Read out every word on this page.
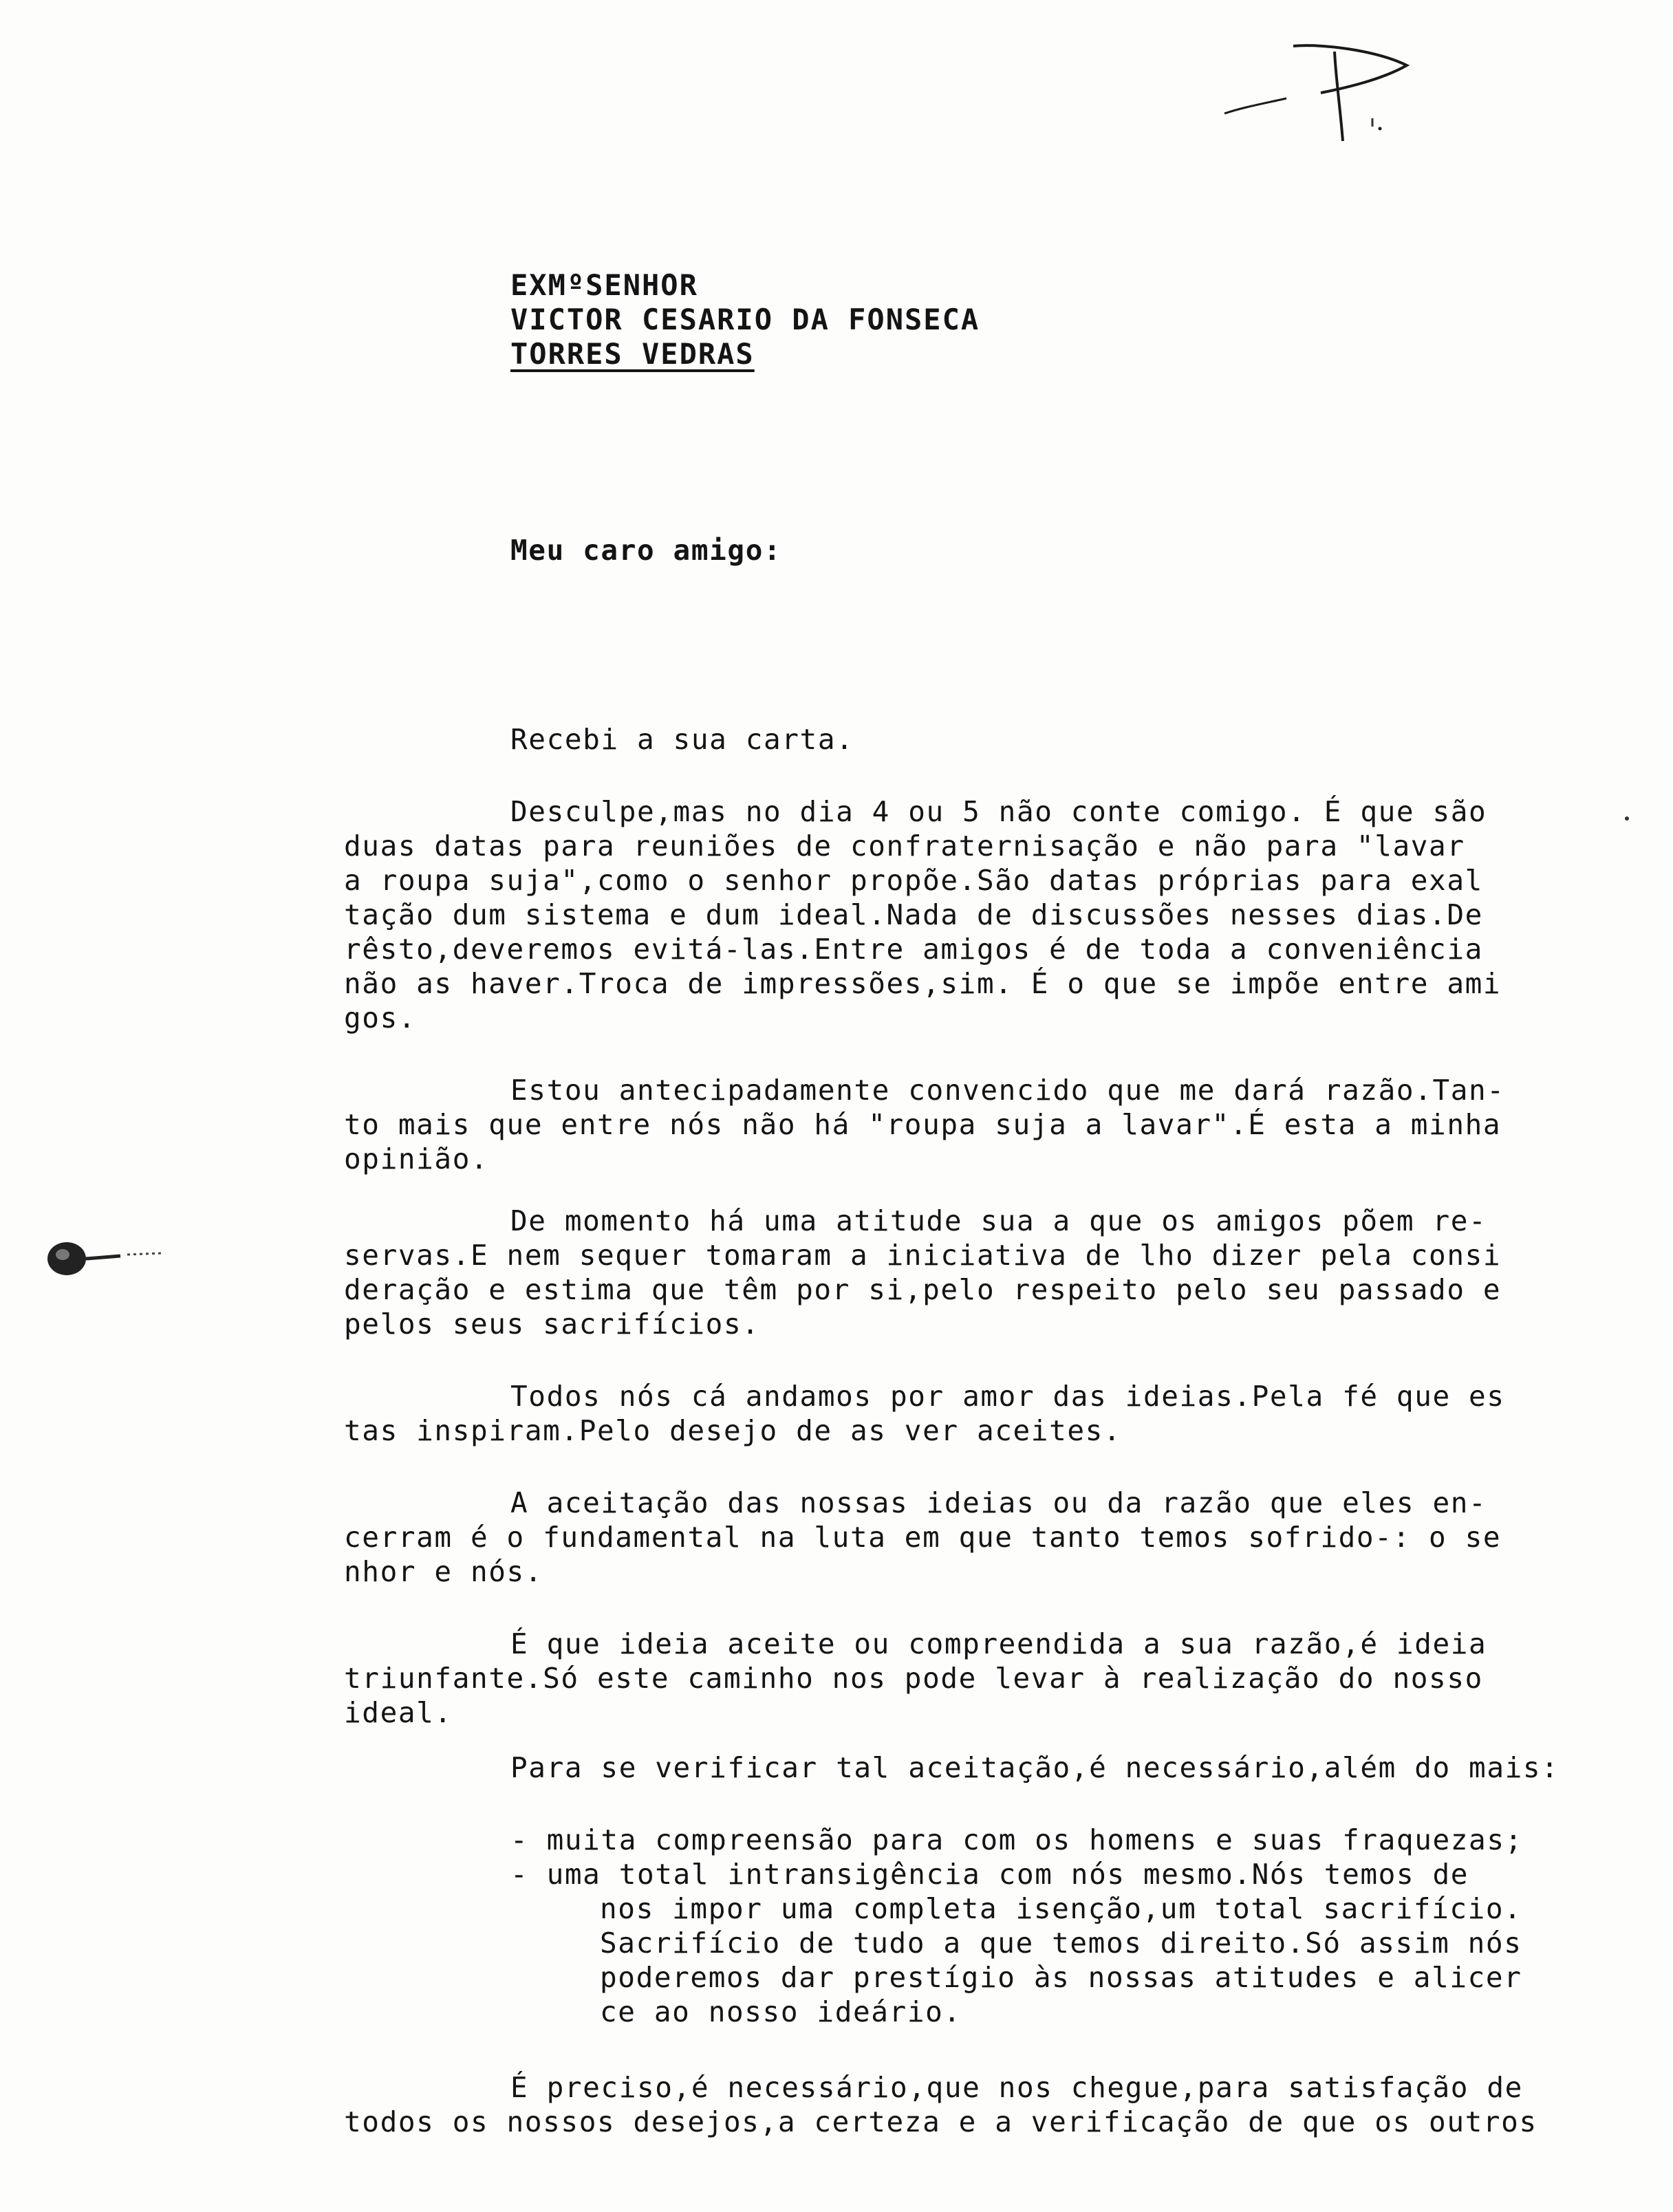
EXMºSENHOR
VICTOR CESARIO DA FONSECA
TORRES VEDRAS
Meu caro amigo:
Recebi a sua carta.
Desculpe,mas no dia 4 ou 5 não conte comigo. É que são
duas datas para reuniões de confraternisação e não para "lavar
a roupa suja",como o senhor propõe.São datas próprias para exal
tação dum sistema e dum ideal.Nada de discussões nesses dias.De
rêsto,deveremos evitá-las.Entre amigos é de toda a conveniência
não as haver.Troca de impressões,sim. É o que se impõe entre ami
gos.
Estou antecipadamente convencido que me dará razão.Tan-
to mais que entre nós não há "roupa suja a lavar".É esta a minha
opinião.
De momento há uma atitude sua a que os amigos põem re-
servas.E nem sequer tomaram a iniciativa de lho dizer pela consi
deração e estima que têm por si,pelo respeito pelo seu passado e
pelos seus sacrifícios.
Todos nós cá andamos por amor das ideias.Pela fé que es
tas inspiram.Pelo desejo de as ver aceites.
A aceitação das nossas ideias ou da razão que eles en-
cerram é o fundamental na luta em que tanto temos sofrido-: o se
nhor e nós.
É que ideia aceite ou compreendida a sua razão,é ideia
triunfante.Só este caminho nos pode levar à realização do nosso
ideal.
Para se verificar tal aceitação,é necessário,além do mais:
- muita compreensão para com os homens e suas fraquezas;
- uma total intransigência com nós mesmo.Nós temos de
nos impor uma completa isenção,um total sacrifício.
Sacrifício de tudo a que temos direito.Só assim nós
poderemos dar prestígio às nossas atitudes e alicer
ce ao nosso ideário.
É preciso,é necessário,que nos chegue,para satisfação de
todos os nossos desejos,a certeza e a verificação de que os outros
